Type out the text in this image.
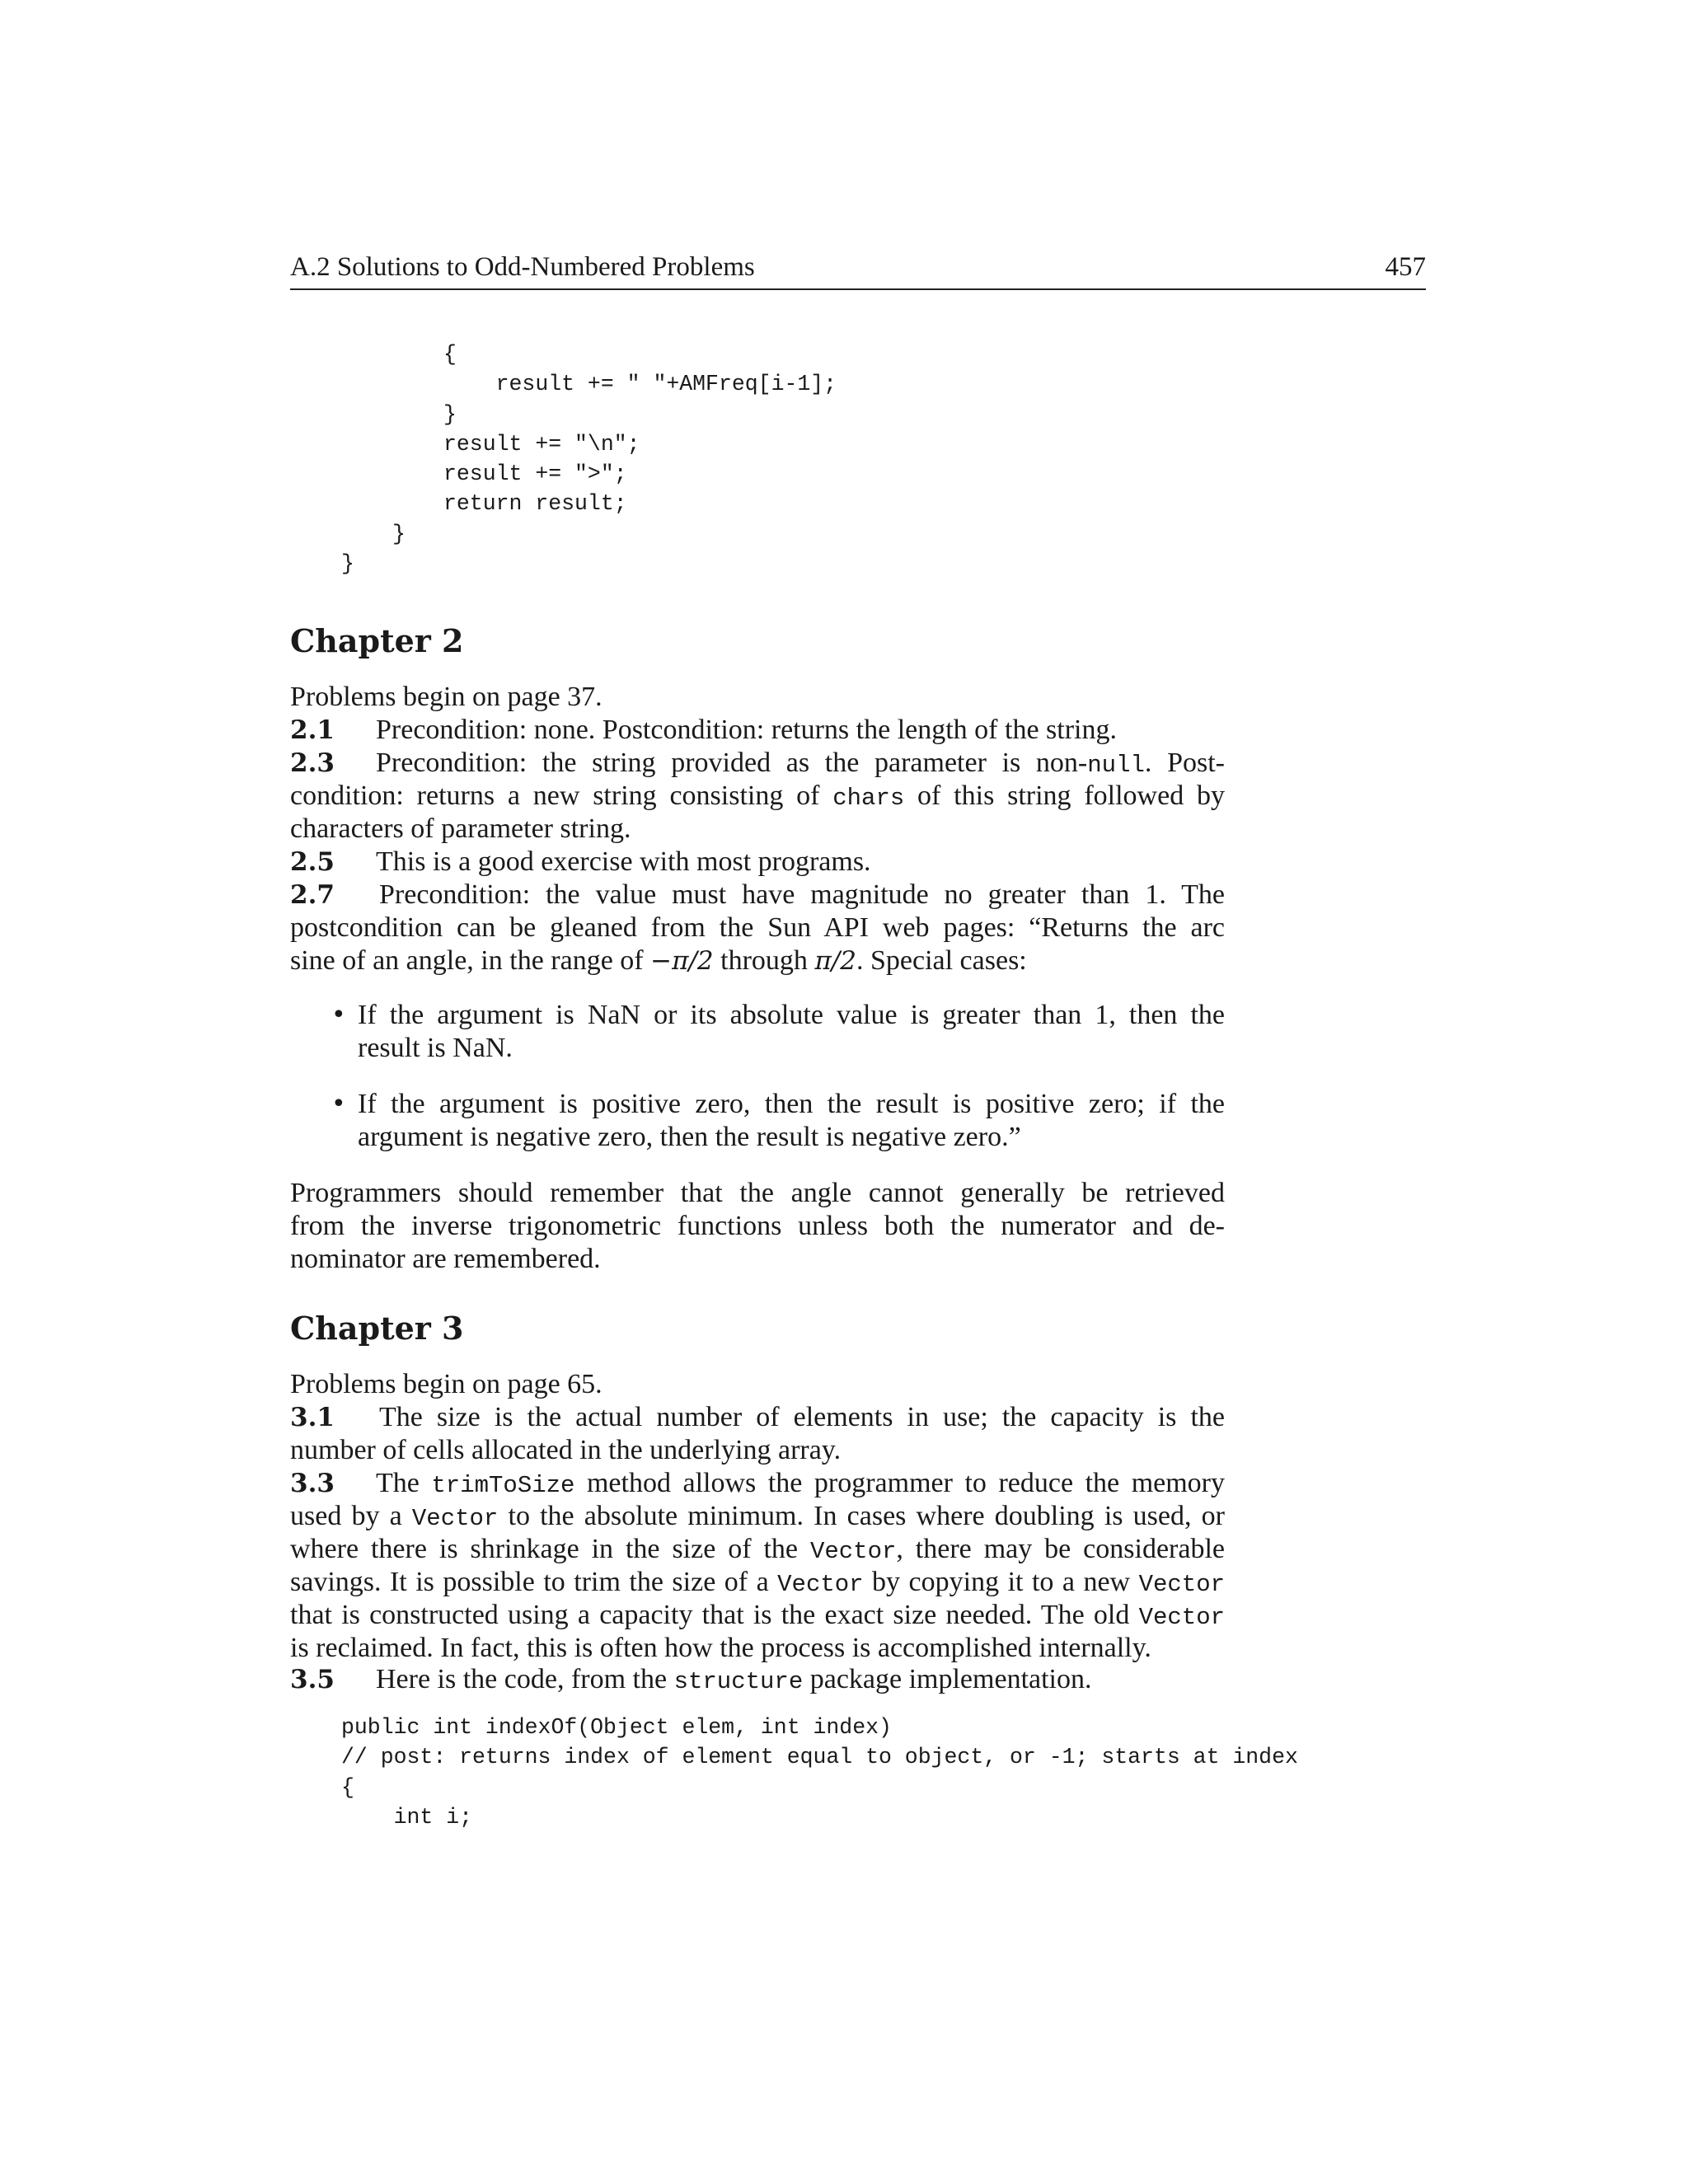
A.2 Solutions to Odd-Numbered Problems	457
{
result += " "+AMFreq[i-1];
}
result += "\n";
result += ">";
return result;
}
}
Chapter 2
Problems begin on page 37.
2.1 Precondition: none. Postcondition: returns the length of the string.
2.3 Precondition: the string provided as the parameter is non-null. Post-
condition: returns a new string consisting of chars of this string followed by
characters of parameter string.
2.5 This is a good exercise with most programs.
2.7 Precondition: the value must have magnitude no greater than 1. The
postcondition can be gleaned from the Sun API web pages: “Returns the arc
sine of an angle, in the range of −π/2 through π/2. Special cases:
• If the argument is NaN or its absolute value is greater than 1, then the
result is NaN.
• If the argument is positive zero, then the result is positive zero; if the
argument is negative zero, then the result is negative zero.”
Programmers should remember that the angle cannot generally be retrieved
from the inverse trigonometric functions unless both the numerator and de-
nominator are remembered.
Chapter 3
Problems begin on page 65.
3.1 The size is the actual number of elements in use; the capacity is the
number of cells allocated in the underlying array.
3.3 The trimToSize method allows the programmer to reduce the memory
used by a Vector to the absolute minimum. In cases where doubling is used, or
where there is shrinkage in the size of the Vector, there may be considerable
savings. It is possible to trim the size of a Vector by copying it to a new Vector
that is constructed using a capacity that is the exact size needed. The old Vector
is reclaimed. In fact, this is often how the process is accomplished internally.
3.5 Here is the code, from the structure package implementation.
public int indexOf(Object elem, int index)
// post: returns index of element equal to object, or -1; starts at index
{
int i;
